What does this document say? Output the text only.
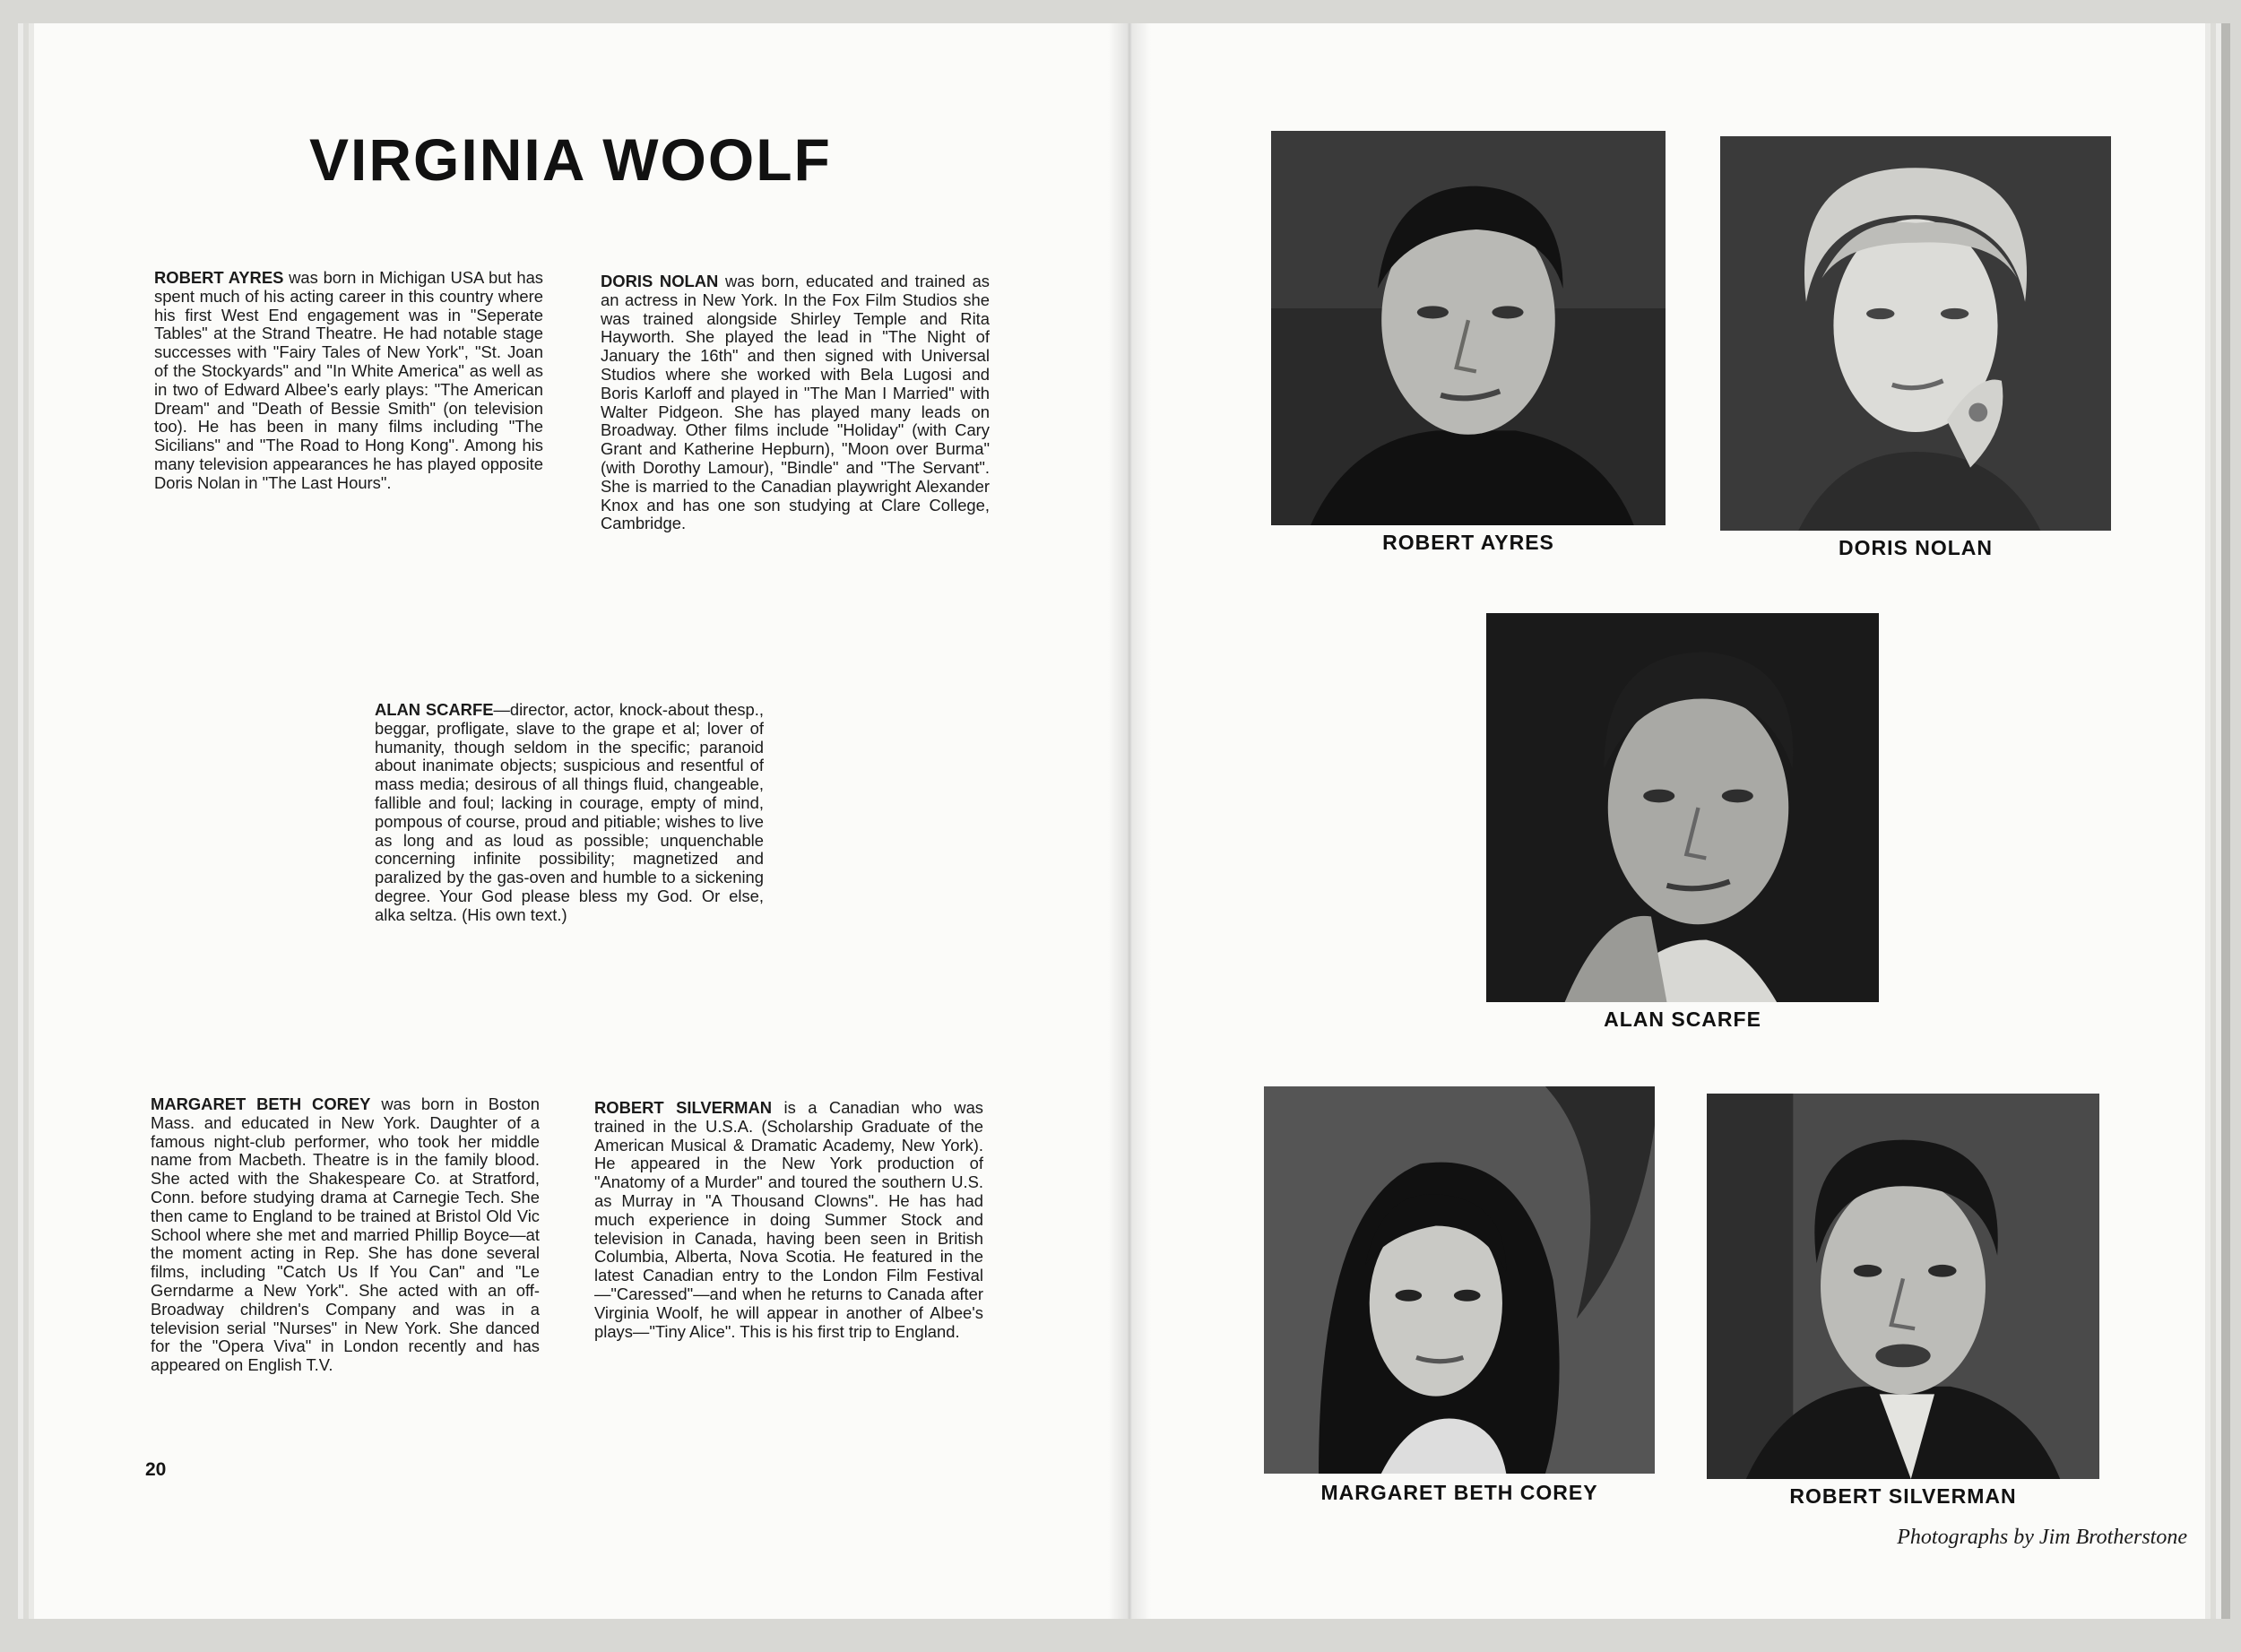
VIRGINIA WOOLF

ROBERT AYRES was born in Michigan USA but has spent much of his acting career in this country where his first West End engagement was in "Seperate Tables" at the Strand Theatre. He had notable stage successes with "Fairy Tales of New York", "St. Joan of the Stockyards" and "In White America" as well as in two of Edward Albee's early plays: "The American Dream" and "Death of Bessie Smith" (on television too). He has been in many films including "The Sicilians" and "The Road to Hong Kong". Among his many television appearances he has played opposite Doris Nolan in "The Last Hours".

DORIS NOLAN was born, educated and trained as an actress in New York. In the Fox Film Studios she was trained alongside Shirley Temple and Rita Hayworth. She played the lead in "The Night of January the 16th" and then signed with Universal Studios where she worked with Bela Lugosi and Boris Karloff and played in "The Man I Married" with Walter Pidgeon. She has played many leads on Broadway. Other films include "Holiday" (with Cary Grant and Katherine Hepburn), "Moon over Burma" (with Dorothy Lamour), "Bindle" and "The Servant". She is married to the Canadian playwright Alexander Knox and has one son studying at Clare College, Cambridge.

ALAN SCARFE—director, actor, knock-about thesp., beggar, profligate, slave to the grape et al; lover of humanity, though seldom in the specific; paranoid about inanimate objects; suspicious and resentful of mass media; desirous of all things fluid, changeable, fallible and foul; lacking in courage, empty of mind, pompous of course, proud and pitiable; wishes to live as long and as loud as possible; unquenchable concerning infinite possibility; magnetized and paralized by the gas-oven and humble to a sickening degree. Your God please bless my God. Or else, alka seltza. (His own text.)

MARGARET BETH COREY was born in Boston Mass. and educated in New York. Daughter of a famous night-club performer, who took her middle name from Macbeth. Theatre is in the family blood. She acted with the Shakespeare Co. at Stratford, Conn. before studying drama at Carnegie Tech. She then came to England to be trained at Bristol Old Vic School where she met and married Phillip Boyce—at the moment acting in Rep. She has done several films, including "Catch Us If You Can" and "Le Gerndarme a New York". She acted with an off-Broadway children's Company and was in a television serial "Nurses" in New York. She danced for the "Opera Viva" in London recently and has appeared on English T.V.

ROBERT SILVERMAN is a Canadian who was trained in the U.S.A. (Scholarship Graduate of the American Musical & Dramatic Academy, New York). He appeared in the New York production of "Anatomy of a Murder" and toured the southern U.S. as Murray in "A Thousand Clowns". He has had much experience in doing Summer Stock and television in Canada, having been seen in British Columbia, Alberta, Nova Scotia. He featured in the latest Canadian entry to the London Film Festival—"Caressed"—and when he returns to Canada after Virginia Woolf, he will appear in another of Albee's plays—"Tiny Alice". This is his first trip to England.

20
ROBERT AYRES	DORIS NOLAN
ALAN SCARFE
MARGARET BETH COREY	ROBERT SILVERMAN
Photographs by Jim Brotherstone
